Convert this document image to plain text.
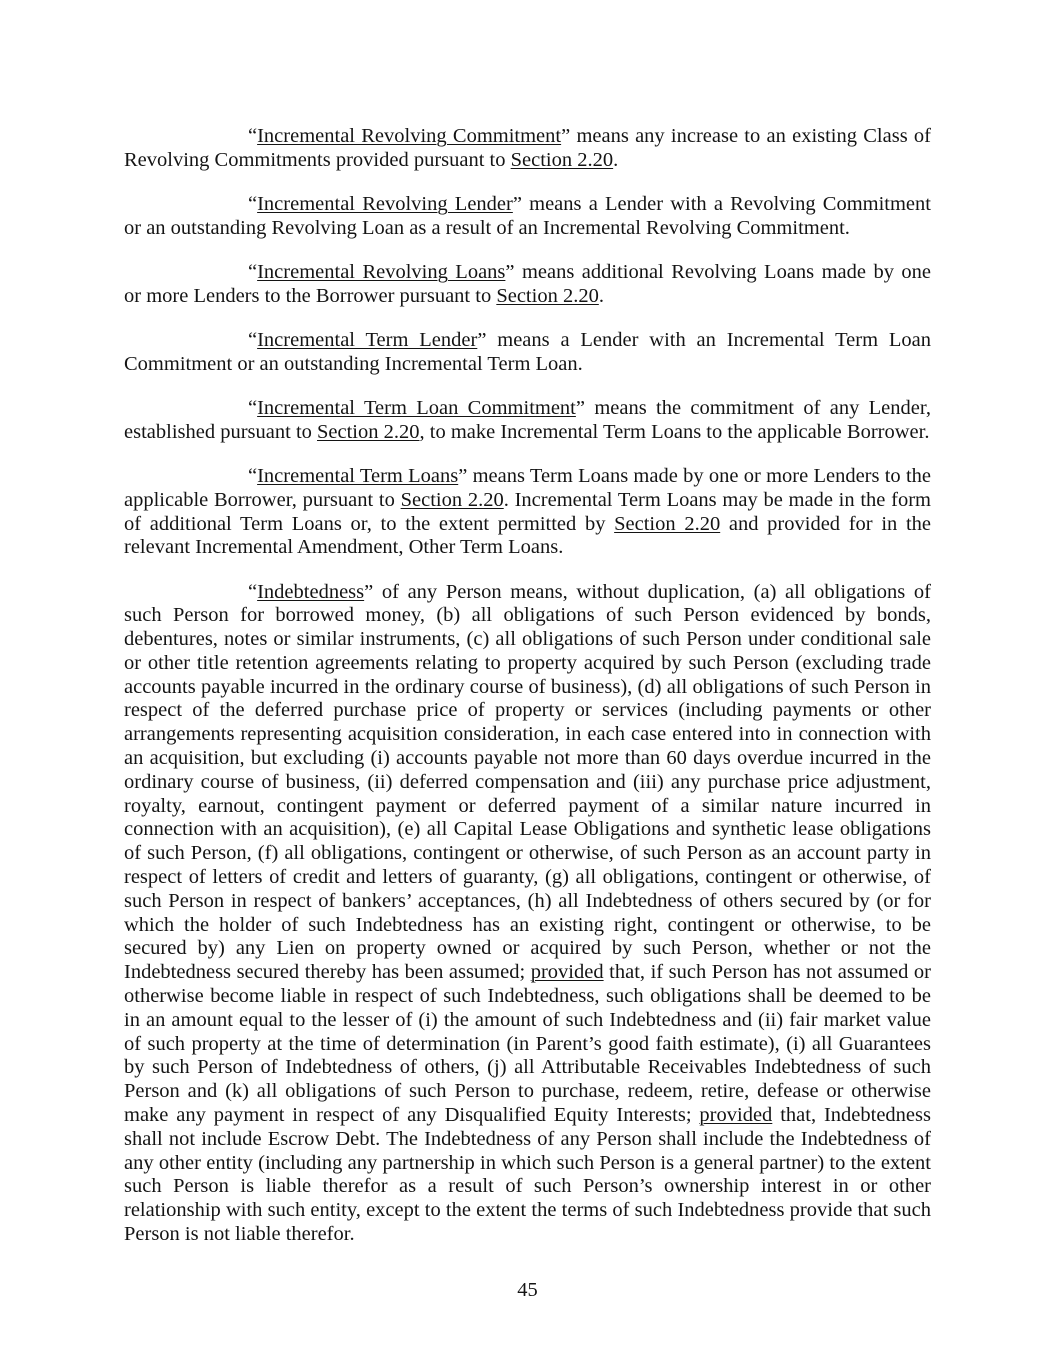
“Incremental Revolving Commitment” means any increase to an existing Class of Revolving Commitments provided pursuant to Section 2.20.

“Incremental Revolving Lender” means a Lender with a Revolving Commitment or an outstanding Revolving Loan as a result of an Incremental Revolving Commitment.

“Incremental Revolving Loans” means additional Revolving Loans made by one or more Lenders to the Borrower pursuant to Section 2.20.

“Incremental Term Lender” means a Lender with an Incremental Term Loan Commitment or an outstanding Incremental Term Loan.

“Incremental Term Loan Commitment” means the commitment of any Lender, established pursuant to Section 2.20, to make Incremental Term Loans to the applicable Borrower.

“Incremental Term Loans” means Term Loans made by one or more Lenders to the applicable Borrower, pursuant to Section 2.20. Incremental Term Loans may be made in the form of additional Term Loans or, to the extent permitted by Section 2.20 and provided for in the relevant Incremental Amendment, Other Term Loans.

“Indebtedness” of any Person means, without duplication, (a) all obligations of such Person for borrowed money, (b) all obligations of such Person evidenced by bonds, debentures, notes or similar instruments, (c) all obligations of such Person under conditional sale or other title retention agreements relating to property acquired by such Person (excluding trade accounts payable incurred in the ordinary course of business), (d) all obligations of such Person in respect of the deferred purchase price of property or services (including payments or other arrangements representing acquisition consideration, in each case entered into in connection with an acquisition, but excluding (i) accounts payable not more than 60 days overdue incurred in the ordinary course of business, (ii) deferred compensation and (iii) any purchase price adjustment, royalty, earnout, contingent payment or deferred payment of a similar nature incurred in connection with an acquisition), (e) all Capital Lease Obligations and synthetic lease obligations of such Person, (f) all obligations, contingent or otherwise, of such Person as an account party in respect of letters of credit and letters of guaranty, (g) all obligations, contingent or otherwise, of such Person in respect of bankers’ acceptances, (h) all Indebtedness of others secured by (or for which the holder of such Indebtedness has an existing right, contingent or otherwise, to be secured by) any Lien on property owned or acquired by such Person, whether or not the Indebtedness secured thereby has been assumed; provided that, if such Person has not assumed or otherwise become liable in respect of such Indebtedness, such obligations shall be deemed to be in an amount equal to the lesser of (i) the amount of such Indebtedness and (ii) fair market value of such property at the time of determination (in Parent’s good faith estimate), (i) all Guarantees by such Person of Indebtedness of others, (j) all Attributable Receivables Indebtedness of such Person and (k) all obligations of such Person to purchase, redeem, retire, defease or otherwise make any payment in respect of any Disqualified Equity Interests; provided that, Indebtedness shall not include Escrow Debt. The Indebtedness of any Person shall include the Indebtedness of any other entity (including any partnership in which such Person is a general partner) to the extent such Person is liable therefor as a result of such Person’s ownership interest in or other relationship with such entity, except to the extent the terms of such Indebtedness provide that such Person is not liable therefor.

45
